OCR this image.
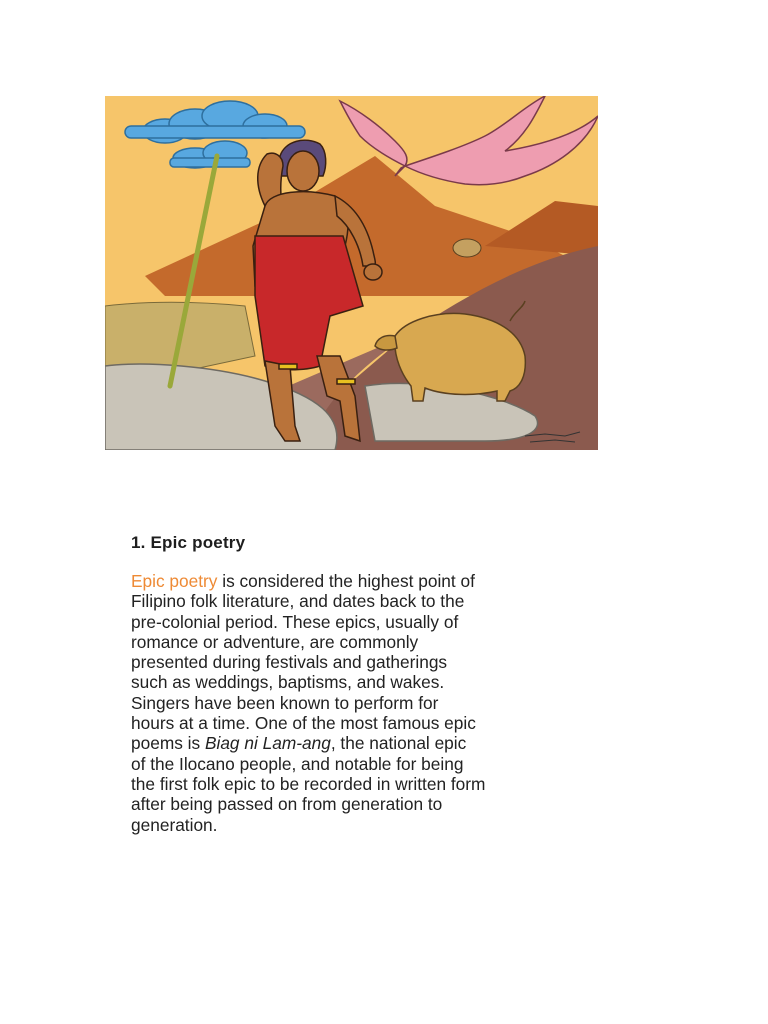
1. Epic poetry

Epic poetry is considered the highest point of
Filipino folk literature, and dates back to the
pre-colonial period. These epics, usually of
romance or adventure, are commonly
presented during festivals and gatherings
such as weddings, baptisms, and wakes.
Singers have been known to perform for
hours at a time. One of the most famous epic
poems is Biag ni Lam-ang, the national epic
of the Ilocano people, and notable for being
the first folk epic to be recorded in written form
after being passed on from generation to
generation.
